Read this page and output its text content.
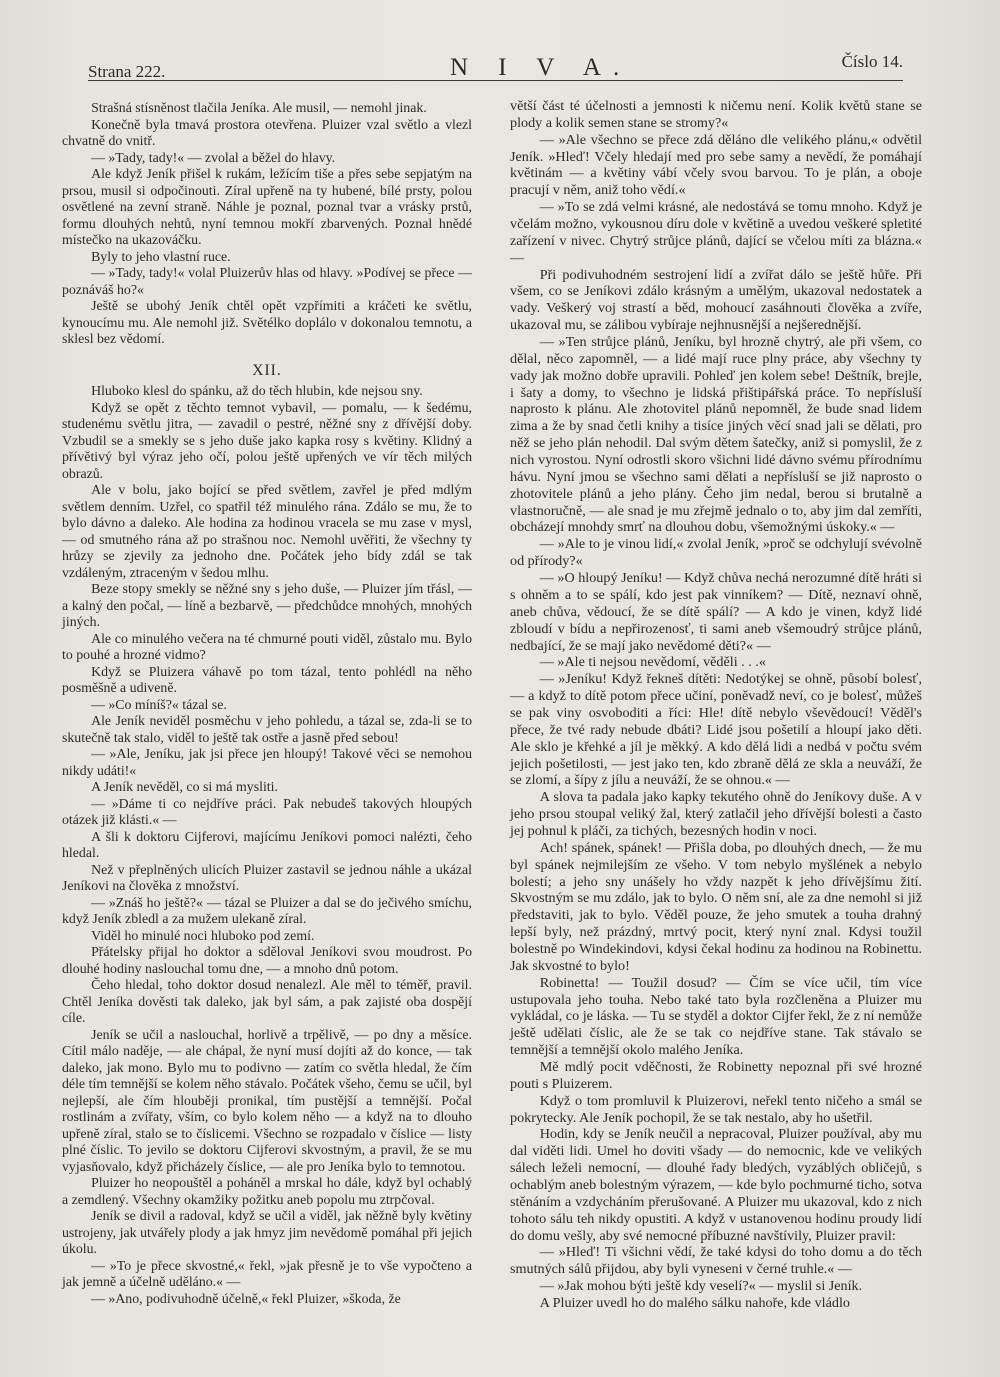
Strana 222.	N I V A.	Číslo 14.

Strašná stísněnost tlačila Jeníka. Ale musil, — nemohl jinak.

Konečně byla tmavá prostora otevřena. Pluizer vzal světlo a vlezl chvatně do vnitř.

— »Tady, tady!« — zvolal a běžel do hlavy.

Ale když Jeník přišel k rukám, ležícím tiše a přes sebe sepjatým na prsou, musil si odpočinouti. Zíral upřeně na ty hubené, bílé prsty, polou osvětlené na zevní straně. Náhle je poznal, poznal tvar a vrásky prstů, formu dlouhých nehtů, nyní temnou mokří zbarvených. Poznal hnědé místečko na ukazováčku.

Byly to jeho vlastní ruce.

— »Tady, tady!« volal Pluizerův hlas od hlavy. »Podívej se přece — poznáváš ho?«

Ještě se ubohý Jeník chtěl opět vzpřímiti a kráčeti ke světlu, kynoucímu mu. Ale nemohl již. Světélko doplálo v dokonalou temnotu, a sklesl bez vědomí.

XII.

Hluboko klesl do spánku, až do těch hlubin, kde nejsou sny.

Když se opět z těchto temnot vybavil, — pomalu, — k šedému, studenému světlu jitra, — zavadil o pestré, něžné sny z dřívější doby. Vzbudil se a smekly se s jeho duše jako kapka rosy s květiny. Klidný a přívětivý byl výraz jeho očí, polou ještě upřených ve vír těch milých obrazů.

Ale v bolu, jako bojící se před světlem, zavřel je před mdlým světlem denním. Uzřel, co spatřil též minulého rána. Zdálo se mu, že to bylo dávno a daleko. Ale hodina za hodinou vracela se mu zase v mysl, — od smutného rána až po strašnou noc. Nemohl uvěřiti, že všechny ty hrůzy se zjevily za jednoho dne. Počátek jeho bídy zdál se tak vzdáleným, ztraceným v šedou mlhu.

Beze stopy smekly se něžné sny s jeho duše, — Pluizer jím třásl, — a kalný den počal, — líně a bezbarvě, — předchůdce mnohých, mnohých jiných.

Ale co minulého večera na té chmurné pouti viděl, zůstalo mu. Bylo to pouhé a hrozné vidmo?

Když se Pluizera váhavě po tom tázal, tento pohlédl na něho posměšně a udiveně.

— »Co míníš?« tázal se.

Ale Jeník neviděl posměchu v jeho pohledu, a tázal se, zda-li se to skutečně tak stalo, viděl to ještě tak ostře a jasně před sebou!

— »Ale, Jeníku, jak jsi přece jen hloupý! Takové věci se nemohou nikdy udáti!«

A Jeník nevěděl, co si má mysliti.

— »Dáme ti co nejdříve práci. Pak nebudeš takových hloupých otázek již klásti.« —

A šli k doktoru Cijferovi, majícímu Jeníkovi pomoci nalézti, čeho hledal.

Než v přeplněných ulicích Pluizer zastavil se jednou náhle a ukázal Jeníkovi na člověka z množství.

— »Znáš ho ještě?« — tázal se Pluizer a dal se do ječivého smíchu, když Jeník zbledl a za mužem ulekaně zíral.

Viděl ho minulé noci hluboko pod zemí.

Přátelsky přijal ho doktor a sděloval Jeníkovi svou moudrost. Po dlouhé hodiny naslouchal tomu dne, — a mnoho dnů potom.

Čeho hledal, toho doktor dosud nenalezl. Ale měl to téměř, pravil. Chtěl Jeníka dověsti tak daleko, jak byl sám, a pak zajisté oba dospějí cíle.

Jeník se učil a naslouchal, horlivě a trpělivě, — po dny a měsíce. Cítil málo naděje, — ale chápal, že nyní musí dojíti až do konce, — tak daleko, jak mono. Bylo mu to podivno — zatím co světla hledal, že čím déle tím temnější se kolem něho stávalo. Počátek všeho, čemu se učil, byl nejlepší, ale čím hlouběji pronikal, tím pustější a temnější. Počal rostlinám a zvířaty, vším, co bylo kolem něho — a když na to dlouho upřeně zíral, stalo se to číslicemi. Všechno se rozpadalo v číslice — listy plné číslic. To jevilo se doktoru Cijferovi skvostným, a pravil, že se mu vyjasňovalo, když přicházely číslice, — ale pro Jeníka bylo to temnotou.

Pluizer ho neopouštěl a poháněl a mrskal ho dále, když byl ochablý a zemdlený. Všechny okamžiky požitku aneb popolu mu ztrpčoval.

Jeník se divil a radoval, když se učil a viděl, jak něžně byly květiny ustrojeny, jak utvářely plody a jak hmyz jim nevědomě pomáhal při jejich úkolu.

— »To je přece skvostné,« řekl, »jak přesně je to vše vypočteno a jak jemně a účelně uděláno.« —

— »Ano, podivuhodně účelně,« řekl Pluizer, »škoda, že

větší část té účelnosti a jemnosti k ničemu není. Kolik květů stane se plody a kolik semen stane se stromy?«

— »Ale všechno se přece zdá děláno dle velikého plánu,« odvětil Jeník. »Hleď! Včely hledají med pro sebe samy a nevědí, že pomáhají květinám — a květiny vábí včely svou barvou. To je plán, a oboje pracují v něm, aniž toho vědí.«

— »To se zdá velmi krásné, ale nedostává se tomu mnoho. Když je včelám možno, vykousnou díru dole v květině a uvedou veškeré spletité zařízení v nivec. Chytrý strůjce plánů, dající se včelou míti za blázna.« —

Při podivuhodném sestrojení lidí a zvířat dálo se ještě hůře. Při všem, co se Jeníkovi zdálo krásným a umělým, ukazoval nedostatek a vady. Veškerý voj strastí a běd, mohoucí zasáhnouti člověka a zvíře, ukazoval mu, se zálibou vybíraje nejhnusnější a nejšerednější.

— »Ten strůjce plánů, Jeníku, byl hrozně chytrý, ale při všem, co dělal, něco zapomněl, — a lidé mají ruce plny práce, aby všechny ty vady jak možno dobře upravili. Pohleď jen kolem sebe! Deštník, brejle, i šaty a domy, to všechno je lidská přištipářská práce. To nepřísluší naprosto k plánu. Ale zhotovitel plánů nepomněl, že bude snad lidem zima a že by snad četli knihy a tisíce jiných věcí snad jali se dělati, pro něž se jeho plán nehodil. Dal svým dětem šatečky, aniž si pomyslil, že z nich vyrostou. Nyní odrostli skoro všichni lidé dávno svému přírodnímu hávu. Nyní jmou se všechno sami dělati a nepřísluší se již naprosto o zhotovitele plánů a jeho plány. Čeho jim nedal, berou si brutalně a vlastnoručně, — ale snad je mu zřejmě jednalo o to, aby jim dal zemříti, obcházejí mnohdy smrť na dlouhou dobu, všemožnými úskoky.« —

— »Ale to je vinou lidí,« zvolal Jeník, »proč se odchylují svévolně od přírody?«

— »O hloupý Jeníku! — Když chůva nechá nerozumné dítě hráti si s ohněm a to se spálí, kdo jest pak vinníkem? — Dítě, neznaví ohně, aneb chůva, vědoucí, že se dítě spálí? — A kdo je vinen, když lidé zbloudí v bídu a nepřirozenosť, ti sami aneb všemoudrý strůjce plánů, nedbající, že se mají jako nevědomé děti?« —

— »Ale ti nejsou nevědomí, věděli . . .«

— »Jeníku! Když řekneš dítěti: Nedotýkej se ohně, působí bolesť, — a když to dítě potom přece učiní, poněvadž neví, co je bolesť, můžeš se pak viny osvoboditi a říci: Hle! dítě nebylo vševědoucí! Věděl's přece, že tvé rady nebude dbáti? Lidé jsou pošetilí a hloupí jako děti. Ale sklo je křehké a jíl je měkký. A kdo dělá lidi a nedbá v počtu svém jejich pošetilosti, — jest jako ten, kdo zbraně dělá ze skla a neuváží, že se zlomí, a šípy z jílu a neuváží, že se ohnou.« —

A slova ta padala jako kapky tekutého ohně do Jeníkovy duše. A v jeho prsou stoupal veliký žal, který zatlačil jeho dřívější bolesti a často jej pohnul k pláči, za tichých, bezesných hodin v noci.

Ach! spánek, spánek! — Přišla doba, po dlouhých dnech, — že mu byl spánek nejmilejším ze všeho. V tom nebylo myšlének a nebylo bolestí; a jeho sny unášely ho vždy nazpět k jeho dřívějšímu žití. Skvostným se mu zdálo, jak to bylo. O něm sní, ale za dne nemohl si již představiti, jak to bylo. Věděl pouze, že jeho smutek a touha drahný lepší byly, než prázdný, mrtvý pocit, který nyní znal. Kdysi toužil bolestně po Windekindovi, kdysi čekal hodinu za hodinou na Robinettu. Jak skvostné to bylo!

Robinetta! — Toužil dosud? — Čím se více učil, tím více ustupovala jeho touha. Nebo také tato byla rozčleněna a Pluizer mu vykládal, co je láska. — Tu se styděl a doktor Cijfer řekl, že z ní nemůže ještě udělati číslic, ale že se tak co nejdříve stane. Tak stávalo se temnější a temnější okolo malého Jeníka.

Mě mdlý pocit vděčnosti, že Robinetty nepoznal při své hrozné pouti s Pluizerem.

Když o tom promluvil k Pluizerovi, neřekl tento ničeho a smál se pokrytecky. Ale Jeník pochopil, že se tak nestalo, aby ho ušetřil.

Hodin, kdy se Jeník neučil a nepracoval, Pluizer používal, aby mu dal viděti lidi. Umel ho doviti všady — do nemocnic, kde ve velikých sálech leželi nemocní, — dlouhé řady bledých, vyzáblých obličejů, s ochablým aneb bolestným výrazem, — kde bylo pochmurné ticho, sotva stěnáním a vzdycháním přerušované. A Pluizer mu ukazoval, kdo z nich tohoto sálu teh nikdy opustiti. A když v ustanovenou hodinu proudy lidí do domu vešly, aby své nemocné příbuzné navštívily, Pluizer pravil:

— »Hleď! Ti všichni vědí, že také kdysi do toho domu a do těch smutných sálů přijdou, aby byli vyneseni v černé truhle.« —

— »Jak mohou býti ještě kdy veselí?« — myslil si Jeník.

A Pluizer uvedl ho do malého sálku nahoře, kde vládlo
